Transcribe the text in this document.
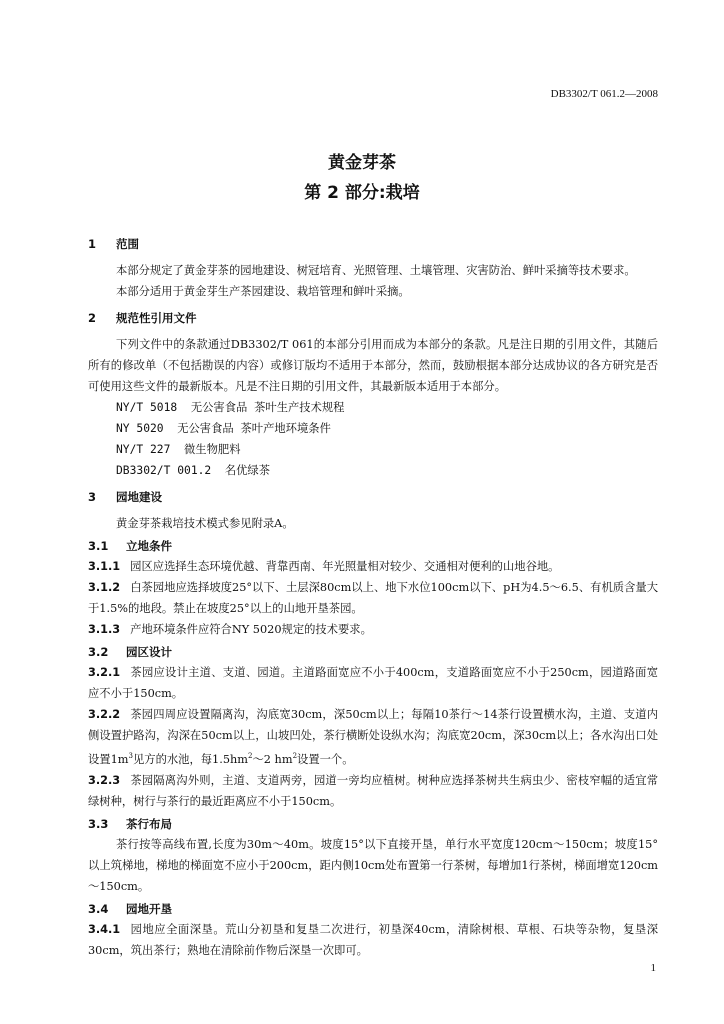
DB3302/T 061.2—2008
黄金芽茶
第 2 部分:栽培
1 范围

本部分规定了黄金芽茶的园地建设、树冠培育、光照管理、土壤管理、灾害防治、鲜叶采摘等技术要求。

本部分适用于黄金芽生产茶园建设、栽培管理和鲜叶采摘。

2 规范性引用文件

下列文件中的条款通过DB3302/T 061的本部分引用而成为本部分的条款。凡是注日期的引用文件，其随后所有的修改单（不包括勘误的内容）或修订版均不适用于本部分，然而，鼓励根据本部分达成协议的各方研究是否可使用这些文件的最新版本。凡是不注日期的引用文件，其最新版本适用于本部分。

NY/T 5018  无公害食品 茶叶生产技术规程
NY 5020  无公害食品 茶叶产地环境条件
NY/T 227  微生物肥料
DB3302/T 001.2  名优绿茶
3 园地建设

黄金芽茶栽培技术模式参见附录A。

3.1 立地条件

3.1.1 园区应选择生态环境优越、背靠西南、年光照量相对较少、交通相对便利的山地谷地。

3.1.2 白茶园地应选择坡度25°以下、土层深80cm以上、地下水位100cm以下、pH为4.5～6.5、有机质含量大于1.5%的地段。禁止在坡度25°以上的山地开垦茶园。

3.1.3 产地环境条件应符合NY 5020规定的技术要求。

3.2 园区设计

3.2.1 茶园应设计主道、支道、园道。主道路面宽应不小于400cm，支道路面宽应不小于250cm，园道路面宽应不小于150cm。

3.2.2 茶园四周应设置隔离沟，沟底宽30cm，深50cm以上；每隔10茶行～14茶行设置横水沟，主道、支道内侧设置护路沟，沟深在50cm以上，山坡凹处，茶行横断处设纵水沟；沟底宽20cm，深30cm以上；各水沟出口处设置$1m^3$见方的水池，每$1.5hm^2\sim 2$ $hm^2$设置一个。

3.2.3 茶园隔离沟外则，主道、支道两旁，园道一旁均应植树。树种应选择茶树共生病虫少、密枝窄幅的适宜常绿树种，树行与茶行的最近距离应不小于150cm。

3.3 茶行布局

茶行按等高线布置,长度为30m～40m。坡度15°以下直接开垦，单行水平宽度120cm～150cm；坡度15°以上筑梯地，梯地的梯面宽不应小于200cm，距内侧10cm处布置第一行茶树，每增加1行茶树，梯面增宽120cm～150cm。

3.4 园地开垦

3.4.1 园地应全面深垦。荒山分初垦和复垦二次进行，初垦深40cm，清除树根、草根、石块等杂物，复垦深30cm，筑出茶行；熟地在清除前作物后深垦一次即可。

1
